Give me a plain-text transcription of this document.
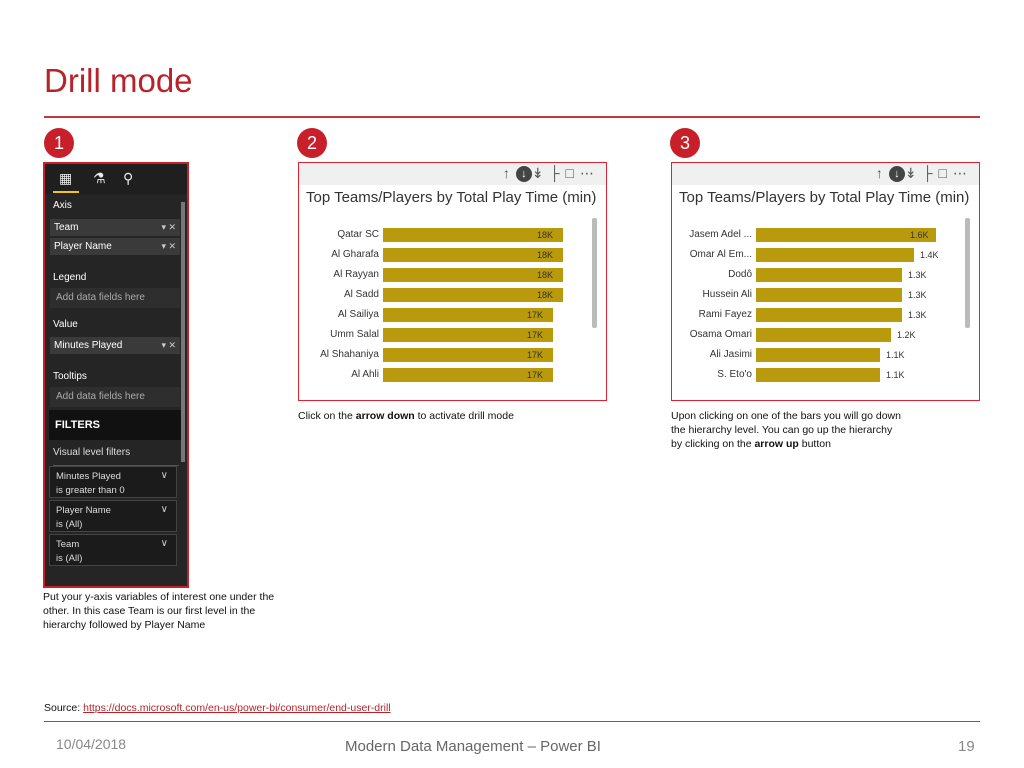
Drill mode
1	2	3
▦ ⚗ ⚲
Axis
Team	▾ ✕
Player Name	▾ ✕
Legend
Add data fields here
Value
Minutes Played	▾ ✕
Tooltips
Add data fields here
FILTERS
Visual level filters
Minutes Played
is greater than 0
∨
Player Name
is (All)
∨
Team
is (All)
∨
↑ ↓ ↡├□⋯
Top Teams/Players by Total Play Time (min)
Qatar SC	18K
Al Gharafa	18K
Al Rayyan	18K
Al Sadd	18K
Al Sailiya	17K
Umm Salal	17K
Al Shahaniya	17K
Al Ahli	17K
Click on the arrow down to activate drill mode
↑ ↓ ↡├□⋯
Top Teams/Players by Total Play Time (min)
Jasem Adel ...	1.6K
Omar Al Em...	1.4K
Dodô	1.3K
Hussein Ali	1.3K
Rami Fayez	1.3K
Osama Omari	1.2K
Ali Jasimi	1.1K
S. Eto'o	1.1K
Upon clicking on one of the bars you will go down
the hierarchy level. You can go up the hierarchy
by clicking on the arrow up button
Put your y-axis variables of interest one under the
other. In this case Team is our first level in the
hierarchy followed by Player Name
Source: https://docs.microsoft.com/en-us/power-bi/consumer/end-user-drill
10/04/2018	Modern Data Management – Power BI	19
